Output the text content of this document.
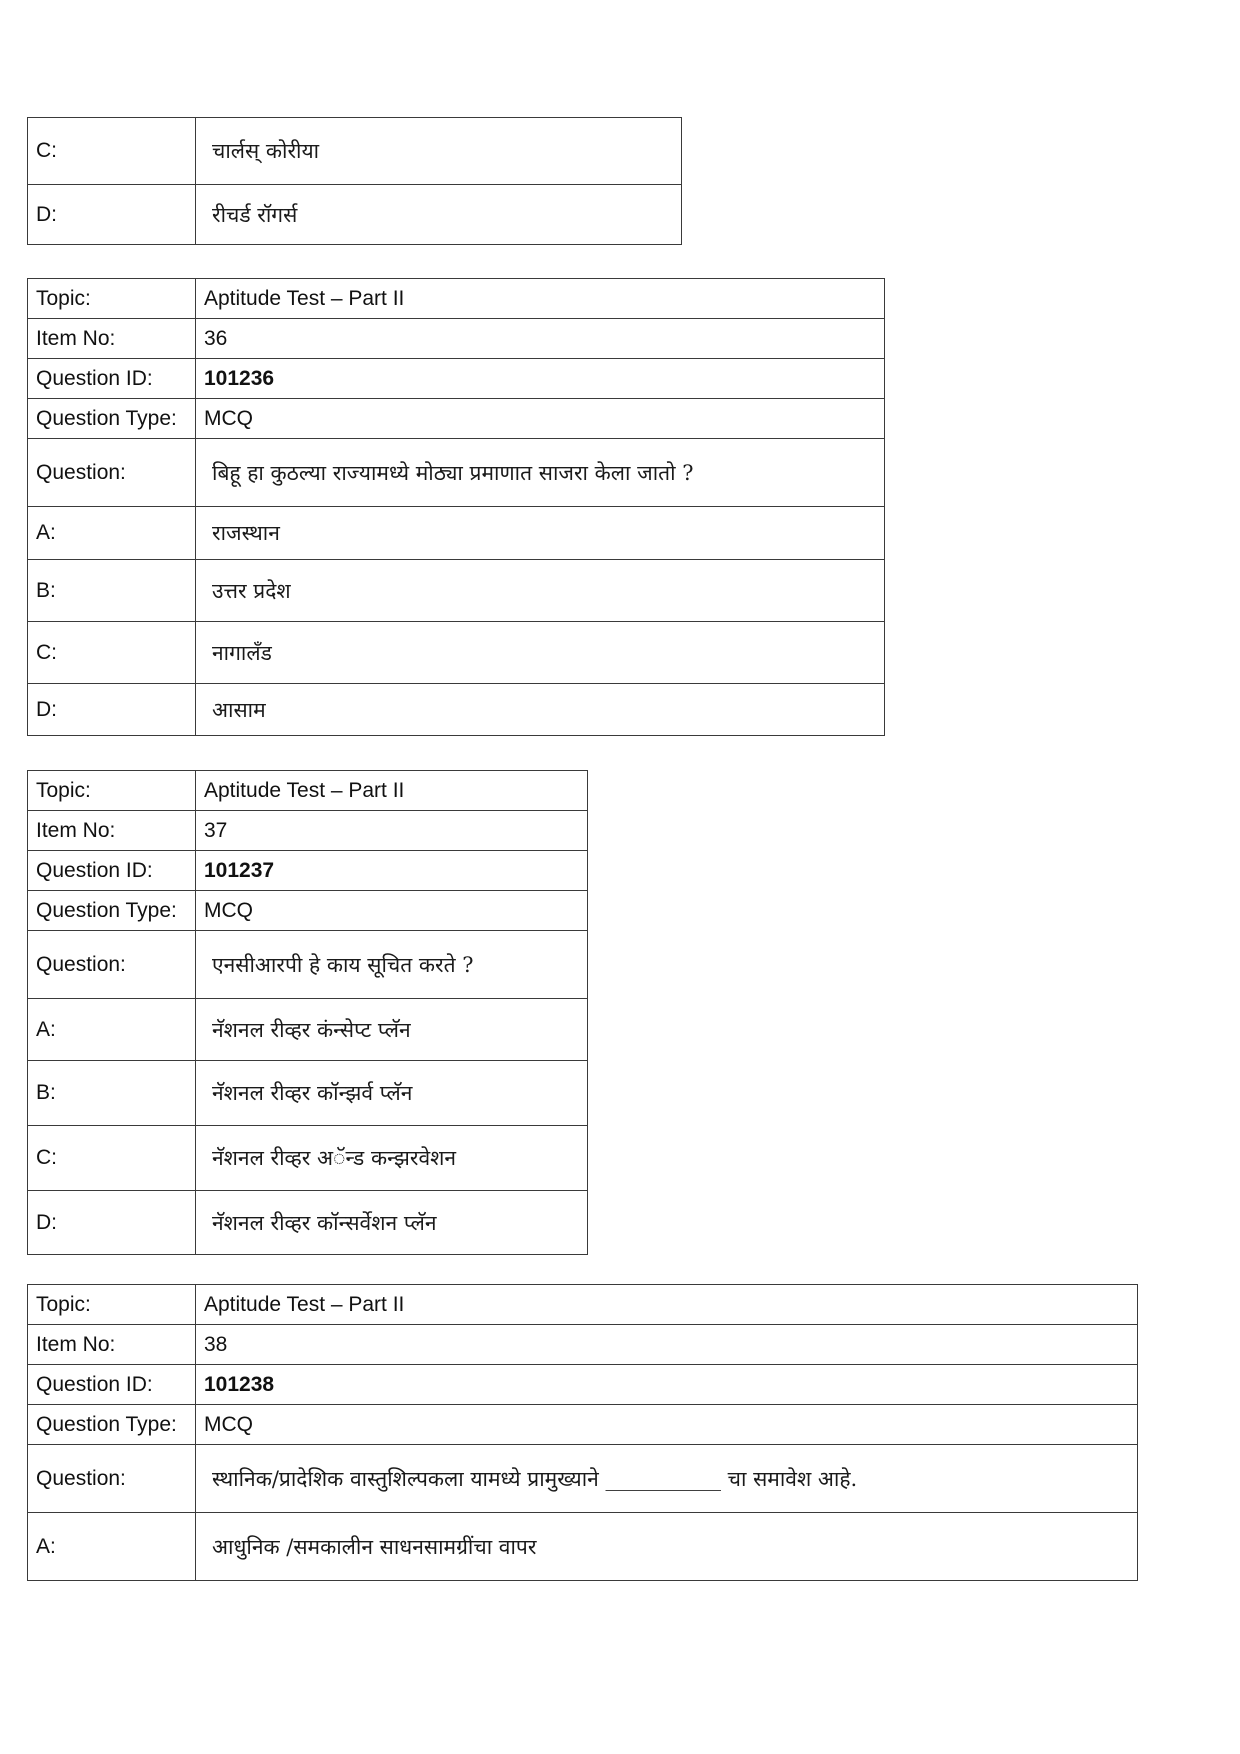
C:	चार्लस् कोरीया
D:	रीचर्ड रॉगर्स
Topic:	Aptitude Test – Part II
Item No:	36
Question ID:	101236
Question Type:	MCQ
Question:	बिहू हा कुठल्या राज्यामध्ये मोठ्या प्रमाणात साजरा केला जातो ?
A:	राजस्थान
B:	उत्तर प्रदेश
C:	नागालँड
D:	आसाम
Topic:	Aptitude Test – Part II
Item No:	37
Question ID:	101237
Question Type:	MCQ
Question:	एनसीआरपी हे काय सूचित करते ?
A:	नॅशनल रीव्हर कंन्सेप्ट प्लॅन
B:	नॅशनल रीव्हर कॉन्झर्व प्लॅन
C:	नॅशनल रीव्हर अॅन्ड कन्झरवेशन
D:	नॅशनल रीव्हर कॉन्सर्वेशन प्लॅन
Topic:	Aptitude Test – Part II
Item No:	38
Question ID:	101238
Question Type:	MCQ
Question:	स्थानिक/प्रादेशिक वास्तुशिल्पकला यामध्ये प्रामुख्याने ___________ चा समावेश आहे.
A:	आधुनिक /समकालीन साधनसामग्रींचा वापर
